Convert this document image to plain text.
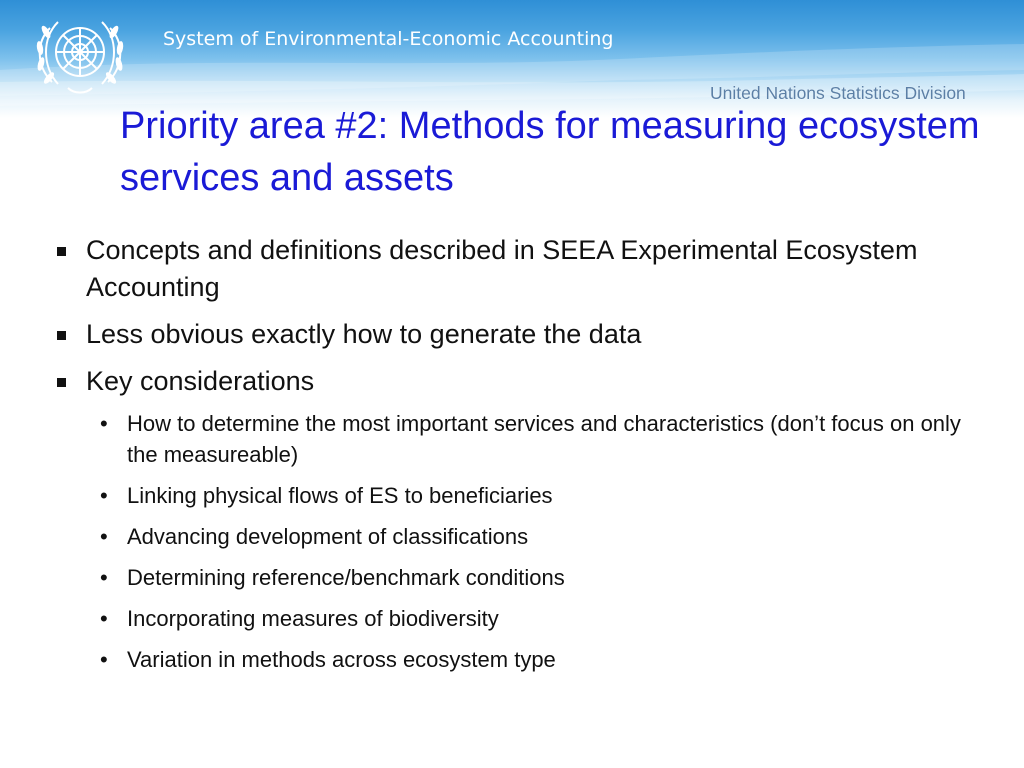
System of Environmental-Economic Accounting
United Nations Statistics Division
Priority area #2: Methods for measuring ecosystem services and assets
Concepts and definitions described in SEEA Experimental Ecosystem Accounting
Less obvious exactly how to generate the data
Key considerations
• How to determine the most important services and characteristics (don’t focus on only the measureable)
• Linking physical flows of ES to beneficiaries
• Advancing development of classifications
• Determining reference/benchmark conditions
• Incorporating measures of biodiversity
• Variation in methods across ecosystem type
